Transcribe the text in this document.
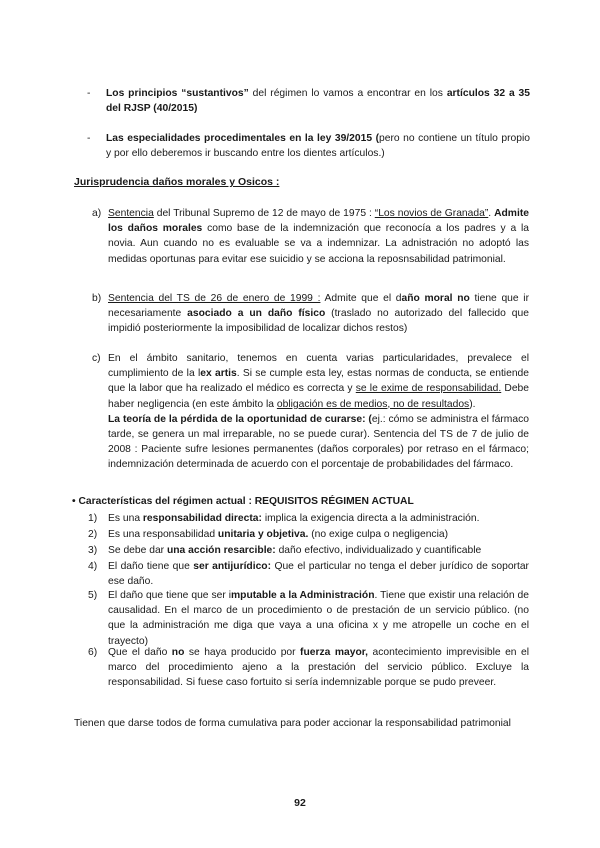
-	Los principios “sustantivos” del régimen lo vamos a encontrar en los artículos 32 a 35 del RJSP (40/2015)
-	Las especialidades procedimentales en la ley 39/2015 (pero no contiene un título propio y por ello deberemos ir buscando entre los dientes artículos.)
Jurisprudencia daños morales y Osicos :
a) Sentencia del Tribunal Supremo de 12 de mayo de 1975 : “Los novios de Granada”. Admite los daños morales como base de la indemnización que reconocía a los padres y a la novia. Aun cuando no es evaluable se va a indemnizar. La adnistración no adoptó las medidas oportunas para evitar ese suicidio y se acciona la reposnsabilidad patrimonial.
b) Sentencia del TS de 26 de enero de 1999 : Admite que el daño moral no tiene que ir necesariamente asociado a un daño físico (traslado no autorizado del fallecido que impidió posteriormente la imposibilidad de localizar dichos restos)
c) En el ámbito sanitario, tenemos en cuenta varias particularidades, prevalece el cumplimiento de la lex artis. Si se cumple esta ley, estas normas de conducta, se entiende que la labor que ha realizado el médico es correcta y se le exime de responsabilidad. Debe haber negligencia (en este ámbito la obligación es de medios, no de resultados).
La teoría de la pérdida de la oportunidad de curarse: (ej.: cómo se administra el fármaco tarde, se genera un mal irreparable, no se puede curar). Sentencia del TS de 7 de julio de 2008 : Paciente sufre lesiones permanentes (daños corporales) por retraso en el fármaco; indemnización determinada de acuerdo con el porcentaje de probabilidades del fármaco.
• Características del régimen actual : REQUISITOS RÉGIMEN ACTUAL
1) Es una responsabilidad directa: implica la exigencia directa a la administración.
2) Es una responsabilidad unitaria y objetiva. (no exige culpa o negligencia)
3) Se debe dar una acción resarcible: daño efectivo, individualizado y cuantificable
4) El daño tiene que ser antijurídico: Que el particular no tenga el deber jurídico de soportar ese daño.
5) El daño que tiene que ser imputable a la Administración. Tiene que existir una relación de causalidad. En el marco de un procedimiento o de prestación de un servicio público. (no que la administración me diga que vaya a una oficina x y me atropelle un coche en el trayecto)
6) Que el daño no se haya producido por fuerza mayor, acontecimiento imprevisible en el marco del procedimiento ajeno a la prestación del servicio público. Excluye la responsabilidad. Si fuese caso fortuito si sería indemnizable porque se pudo preveer.
Tienen que darse todos de forma cumulativa para poder accionar la responsabilidad patrimonial
92
